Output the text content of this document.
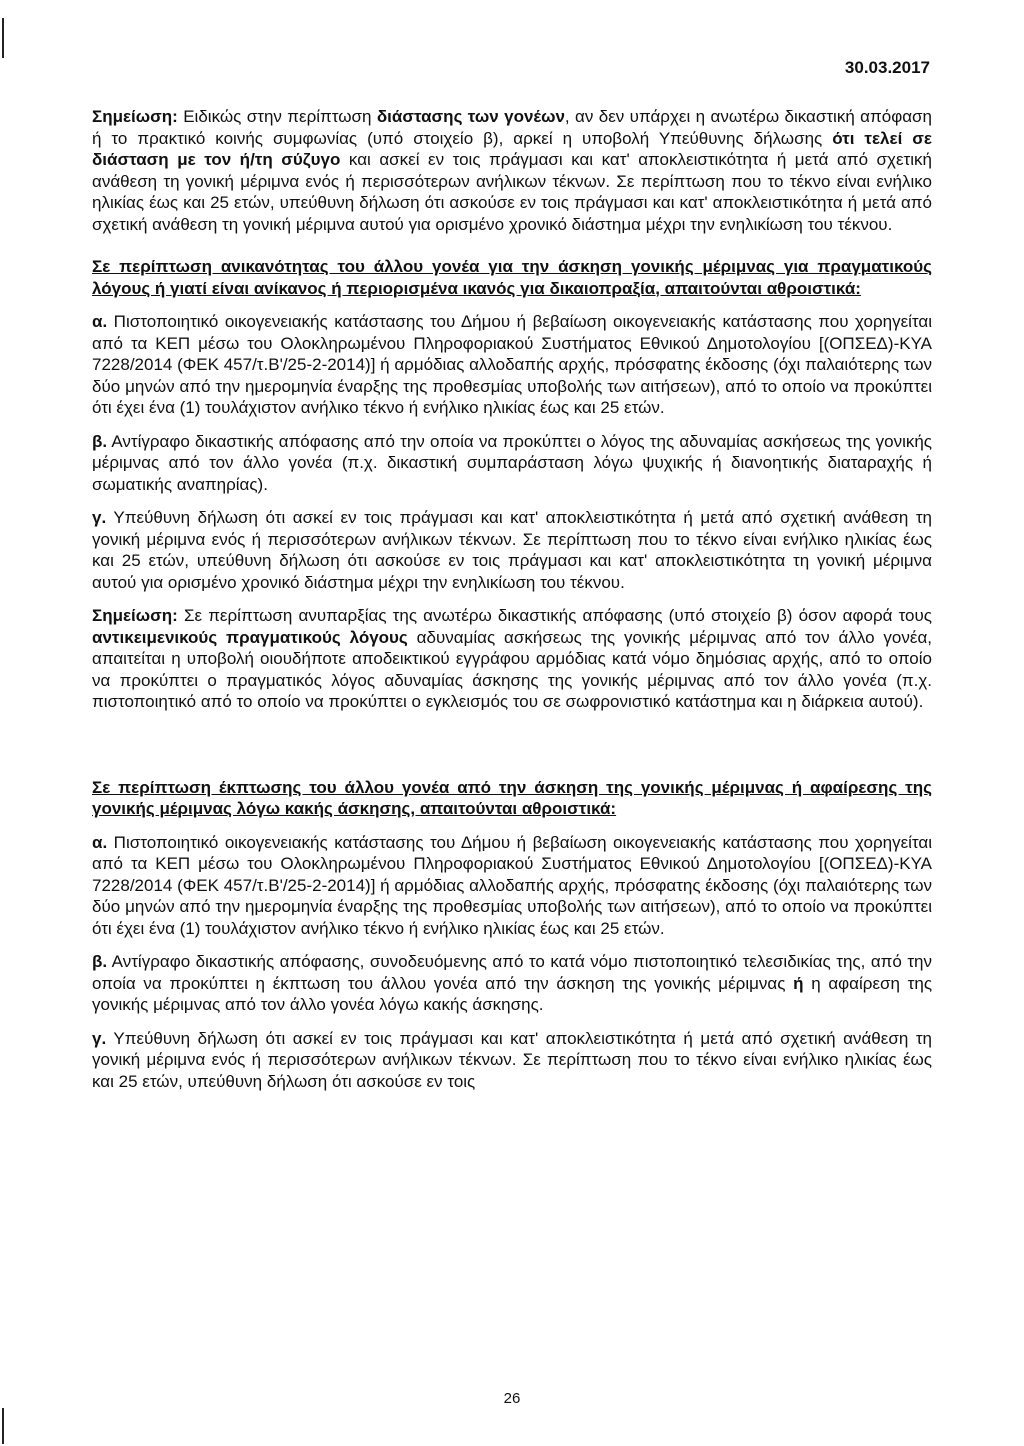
30.03.2017

Σημείωση: Ειδικώς στην περίπτωση διάστασης των γονέων, αν δεν υπάρχει η ανωτέρω δικαστική απόφαση ή το πρακτικό κοινής συμφωνίας (υπό στοιχείο β), αρκεί η υποβολή Υπεύθυνης δήλωσης ότι τελεί σε διάσταση με τον ή/τη σύζυγο και ασκεί εν τοις πράγμασι και κατ' αποκλειστικότητα ή μετά από σχετική ανάθεση τη γονική μέριμνα ενός ή περισσότερων ανήλικων τέκνων. Σε περίπτωση που το τέκνο είναι ενήλικο ηλικίας έως και 25 ετών, υπεύθυνη δήλωση ότι ασκούσε εν τοις πράγμασι και κατ' αποκλειστικότητα ή μετά από σχετική ανάθεση τη γονική μέριμνα αυτού για ορισμένο χρονικό διάστημα μέχρι την ενηλικίωση του τέκνου.

Σε περίπτωση ανικανότητας του άλλου γονέα για την άσκηση γονικής μέριμνας για πραγματικούς λόγους ή γιατί είναι ανίκανος ή περιορισμένα ικανός για δικαιοπραξία, απαιτούνται αθροιστικά:

α. Πιστοποιητικό οικογενειακής κατάστασης του Δήμου ή βεβαίωση οικογενειακής κατάστασης που χορηγείται από τα ΚΕΠ μέσω του Ολοκληρωμένου Πληροφοριακού Συστήματος Εθνικού Δημοτολογίου [(ΟΠΣΕΔ)-ΚΥΑ 7228/2014 (ΦΕΚ 457/τ.Β'/25-2-2014)] ή αρμόδιας αλλοδαπής αρχής, πρόσφατης έκδοσης (όχι παλαιότερης των δύο μηνών από την ημερομηνία έναρξης της προθεσμίας υποβολής των αιτήσεων), από το οποίο να προκύπτει ότι έχει ένα (1) τουλάχιστον ανήλικο τέκνο ή ενήλικο ηλικίας έως και 25 ετών.

β. Αντίγραφο δικαστικής απόφασης από την οποία να προκύπτει ο λόγος της αδυναμίας ασκήσεως της γονικής μέριμνας από τον άλλο γονέα (π.χ. δικαστική συμπαράσταση λόγω ψυχικής ή διανοητικής διαταραχής ή σωματικής αναπηρίας).

γ. Υπεύθυνη δήλωση ότι ασκεί εν τοις πράγμασι και κατ' αποκλειστικότητα ή μετά από σχετική ανάθεση τη γονική μέριμνα ενός ή περισσότερων ανήλικων τέκνων. Σε περίπτωση που το τέκνο είναι ενήλικο ηλικίας έως και 25 ετών, υπεύθυνη δήλωση ότι ασκούσε εν τοις πράγμασι και κατ' αποκλειστικότητα τη γονική μέριμνα αυτού για ορισμένο χρονικό διάστημα μέχρι την ενηλικίωση του τέκνου.

Σημείωση: Σε περίπτωση ανυπαρξίας της ανωτέρω δικαστικής απόφασης (υπό στοιχείο β) όσον αφορά τους αντικειμενικούς πραγματικούς λόγους αδυναμίας ασκήσεως της γονικής μέριμνας από τον άλλο γονέα, απαιτείται η υποβολή οιουδήποτε αποδεικτικού εγγράφου αρμόδιας κατά νόμο δημόσιας αρχής, από το οποίο να προκύπτει ο πραγματικός λόγος αδυναμίας άσκησης της γονικής μέριμνας από τον άλλο γονέα (π.χ. πιστοποιητικό από το οποίο να προκύπτει ο εγκλεισμός του σε σωφρονιστικό κατάστημα και η διάρκεια αυτού).

Σε περίπτωση έκπτωσης του άλλου γονέα από την άσκηση της γονικής μέριμνας ή αφαίρεσης της γονικής μέριμνας λόγω κακής άσκησης, απαιτούνται αθροιστικά:

α. Πιστοποιητικό οικογενειακής κατάστασης του Δήμου ή βεβαίωση οικογενειακής κατάστασης που χορηγείται από τα ΚΕΠ μέσω του Ολοκληρωμένου Πληροφοριακού Συστήματος Εθνικού Δημοτολογίου [(ΟΠΣΕΔ)-ΚΥΑ 7228/2014 (ΦΕΚ 457/τ.Β'/25-2-2014)] ή αρμόδιας αλλοδαπής αρχής, πρόσφατης έκδοσης (όχι παλαιότερης των δύο μηνών από την ημερομηνία έναρξης της προθεσμίας υποβολής των αιτήσεων), από το οποίο να προκύπτει ότι έχει ένα (1) τουλάχιστον ανήλικο τέκνο ή ενήλικο ηλικίας έως και 25 ετών.

β. Αντίγραφο δικαστικής απόφασης, συνοδευόμενης από το κατά νόμο πιστοποιητικό τελεσιδικίας της, από την οποία να προκύπτει η έκπτωση του άλλου γονέα από την άσκηση της γονικής μέριμνας ή η αφαίρεση της γονικής μέριμνας από τον άλλο γονέα λόγω κακής άσκησης.

γ. Υπεύθυνη δήλωση ότι ασκεί εν τοις πράγμασι και κατ' αποκλειστικότητα ή μετά από σχετική ανάθεση τη γονική μέριμνα ενός ή περισσότερων ανήλικων τέκνων. Σε περίπτωση που το τέκνο είναι ενήλικο ηλικίας έως και 25 ετών, υπεύθυνη δήλωση ότι ασκούσε εν τοις

26
